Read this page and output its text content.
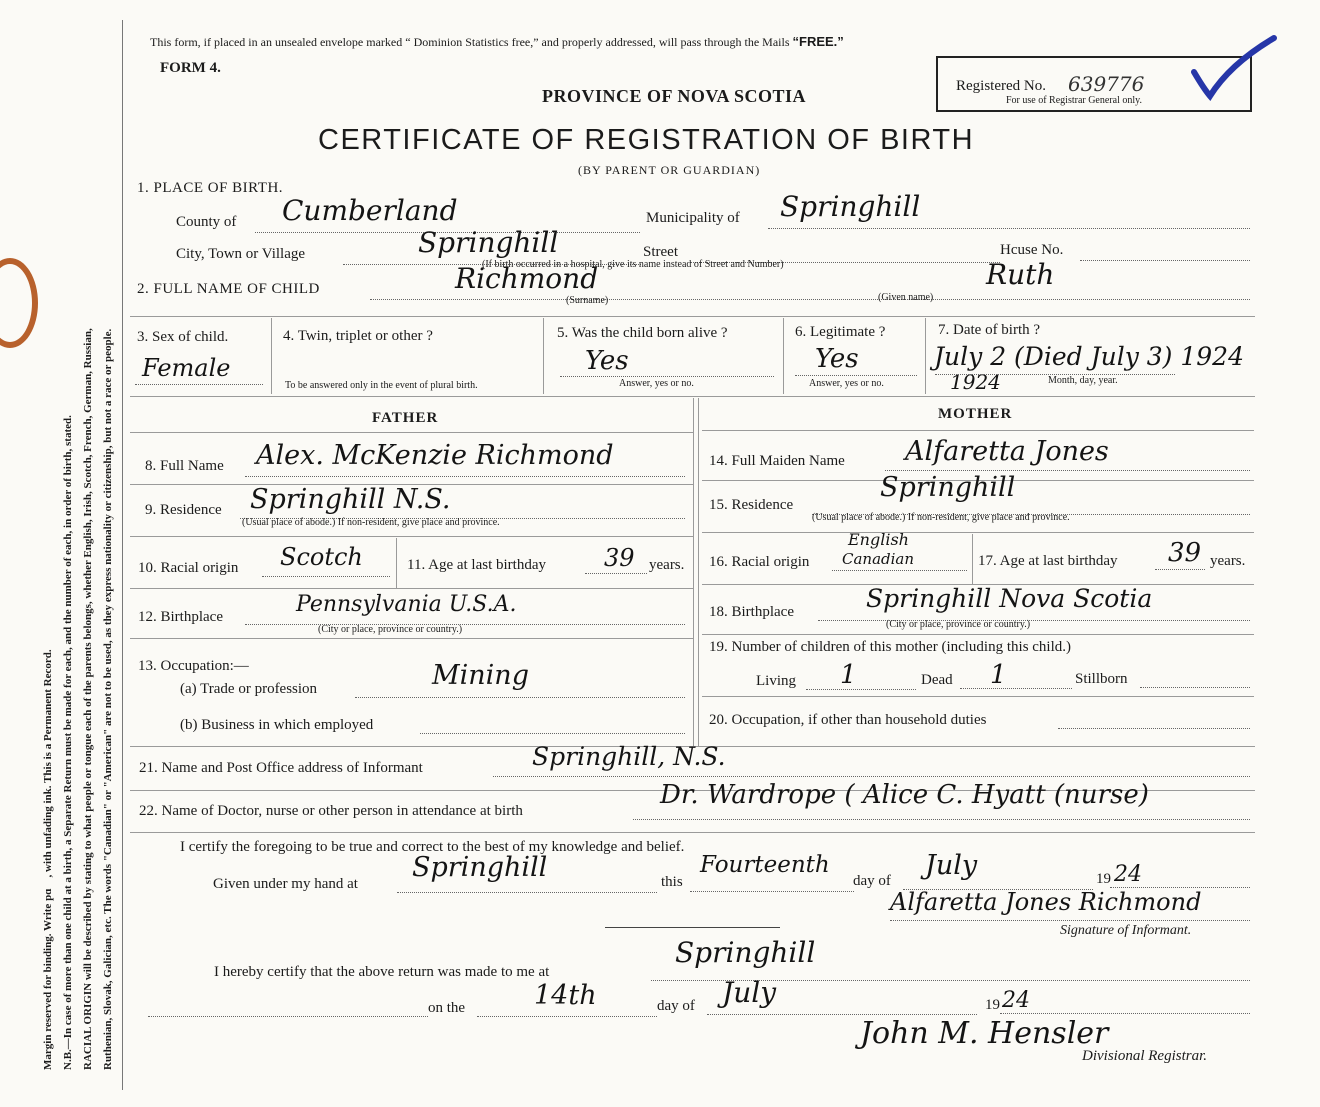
Margin reserved for binding. Write pɑ    , with unfading ink. This is a Permanent Record. N.B.—In case of more than one child at a birth, a Separate Return must be made for each, and the number of each, in order of birth, stated. RACIAL ORIGIN will be described by stating to what people or tongue each of the parents belongs, whether English, Irish, Scotch, French, German, Russian, Ruthenian, Slovak, Galician, etc. The words "Canadian" or "American" are not to be used, as they express nationality or citizenship, but not a race or people.
This form, if placed in an unsealed envelope marked “ Dominion Statistics free,” and properly addressed, will pass through the Mails “FREE.”
FORM 4.
PROVINCE OF NOVA SCOTIA
CERTIFICATE OF REGISTRATION OF BIRTH
(BY PARENT OR GUARDIAN)
Registered No. 639776
For use of Registrar General only.
1. PLACE OF BIRTH.
County of Cumberland	Municipality of Springhill
City, Town or Village	Springhill	Street	Hcuse No.
(If birth occurred in a hospital, give its name instead of Street and Number)
2. FULL NAME OF CHILD	Richmond
(Surname)
Ruth
(Given name)
3. Sex of child.
Female
4. Twin, triplet or other ?
To be answered only in the event of plural birth.
5. Was the child born alive ?
Yes
Answer, yes or no.
6. Legitimate ?
Yes
Answer, yes or no.
7. Date of birth ?
July 2 (Died July 3) 1924
1924	Month, day, year.
FATHER	MOTHER
8. Full Name Alex. McKenzie Richmond
9. Residence Springhill N.S.
(Usual place of abode.) If non-resident, give place and province.
10. Racial origin Scotch	11. Age at last birthday 39 years.
12. Birthplace	Pennsylvania U.S.A.
(City or place, province or country.)
13. Occupation:—
(a) Trade or profession	Mining
(b) Business in which employed
14. Full Maiden Name Alfaretta Jones
15. Residence
Springhill
(Usual place of abode.) If non-resident, give place and province.
16. Racial origin
English
Canadian	17. Age at last birthday 39 years.
18. Birthplace	Springhill Nova Scotia
(City or place, province or country.)
19. Number of children of this mother (including this child.)
Living 1	Dead 1	Stillborn
20. Occupation, if other than household duties
21. Name and Post Office address of Informant	Springhill, N.S.
22. Name of Doctor, nurse or other person in attendance at birth
Dr. Wardrope ( Alice C. Hyatt (nurse)
I certify the foregoing to be true and correct to the best of my knowledge and belief.
Given under my hand at
Springhill	this
Fourteenth
day of July	19 24
Alfaretta Jones Richmond
Signature of Informant.
I hereby certify that the above return was made to me at
Springhill
on the	14th	day of July	19 24
John M. Hensler
Divisional Registrar.
